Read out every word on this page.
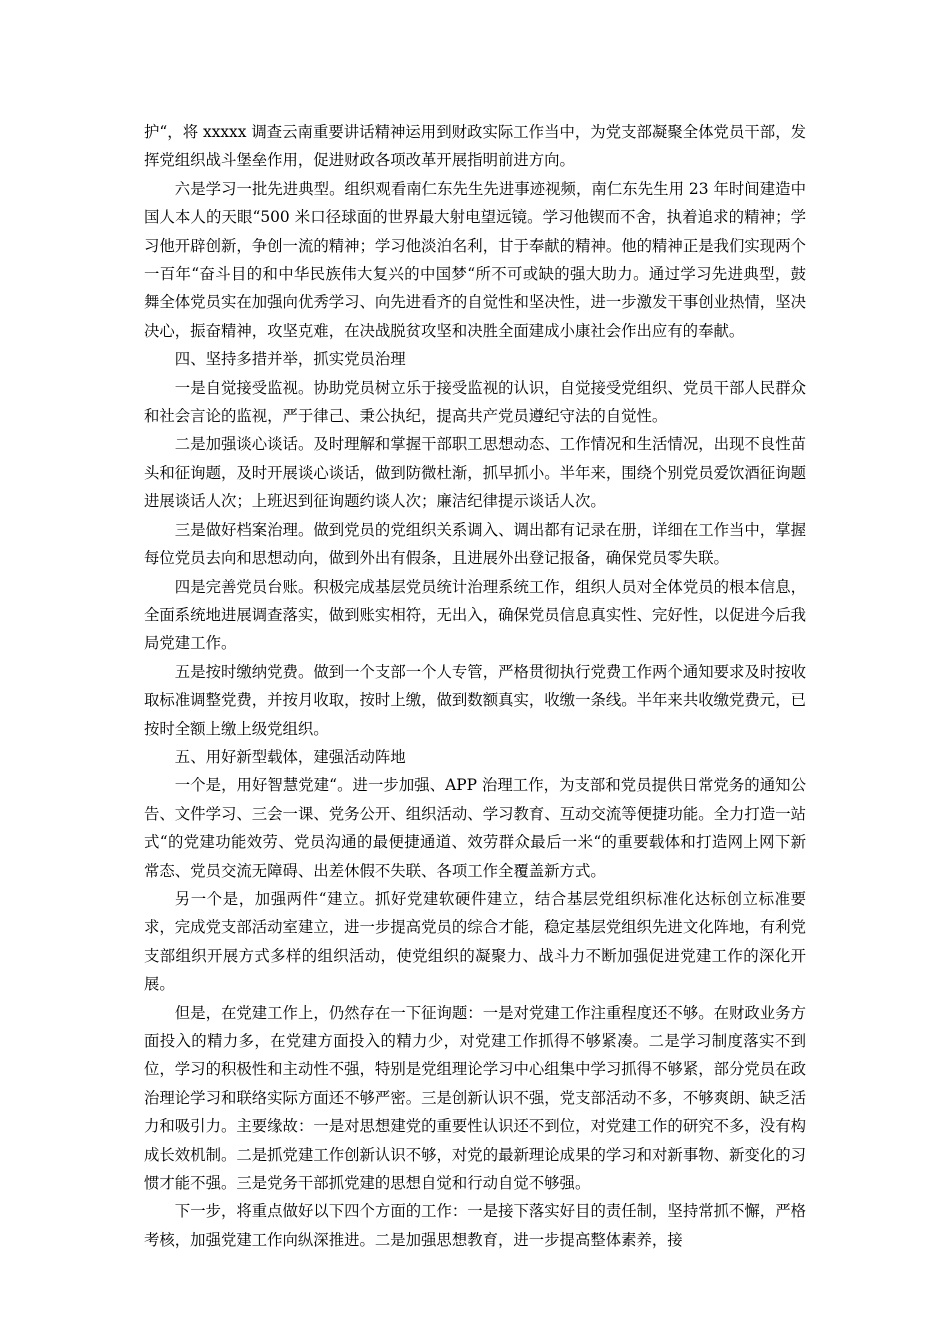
护“，将 xxxxx 调查云南重要讲话精神运用到财政实际工作当中，为党支部凝聚全体党员干部，发挥党组织战斗堡垒作用，促进财政各项改革开展指明前进方向。

六是学习一批先进典型。组织观看南仁东先生先进事迹视频，南仁东先生用 23 年时间建造中国人本人的天眼“500 米口径球面的世界最大射电望远镜。学习他锲而不舍，执着追求的精神；学习他开辟创新，争创一流的精神；学习他淡泊名利，甘于奉献的精神。他的精神正是我们实现两个一百年“奋斗目的和中华民族伟大复兴的中国梦“所不可或缺的强大助力。通过学习先进典型，鼓舞全体党员实在加强向优秀学习、向先进看齐的自觉性和坚决性，进一步激发干事创业热情，坚决决心，振奋精神，攻坚克难，在决战脱贫攻坚和决胜全面建成小康社会作出应有的奉献。

四、坚持多措并举，抓实党员治理

一是自觉接受监视。协助党员树立乐于接受监视的认识，自觉接受党组织、党员干部人民群众和社会言论的监视，严于律己、秉公执纪，提高共产党员遵纪守法的自觉性。

二是加强谈心谈话。及时理解和掌握干部职工思想动态、工作情况和生活情况，出现不良性苗头和征询题，及时开展谈心谈话，做到防微杜渐，抓早抓小。半年来，围绕个别党员爱饮酒征询题进展谈话人次；上班迟到征询题约谈人次；廉洁纪律提示谈话人次。

三是做好档案治理。做到党员的党组织关系调入、调出都有记录在册，详细在工作当中，掌握每位党员去向和思想动向，做到外出有假条，且进展外出登记报备，确保党员零失联。

四是完善党员台账。积极完成基层党员统计治理系统工作，组织人员对全体党员的根本信息，全面系统地进展调查落实，做到账实相符，无出入，确保党员信息真实性、完好性，以促进今后我局党建工作。

五是按时缴纳党费。做到一个支部一个人专管，严格贯彻执行党费工作两个通知要求及时按收取标准调整党费，并按月收取，按时上缴，做到数额真实，收缴一条线。半年来共收缴党费元，已按时全额上缴上级党组织。

五、用好新型载体，建强活动阵地

一个是，用好智慧党建“。进一步加强、APP 治理工作，为支部和党员提供日常党务的通知公告、文件学习、三会一课、党务公开、组织活动、学习教育、互动交流等便捷功能。全力打造一站式“的党建功能效劳、党员沟通的最便捷通道、效劳群众最后一米“的重要载体和打造网上网下新常态、党员交流无障碍、出差休假不失联、各项工作全覆盖新方式。

另一个是，加强两件“建立。抓好党建软硬件建立，结合基层党组织标准化达标创立标准要求，完成党支部活动室建立，进一步提高党员的综合才能，稳定基层党组织先进文化阵地，有利党支部组织开展方式多样的组织活动，使党组织的凝聚力、战斗力不断加强促进党建工作的深化开展。

但是，在党建工作上，仍然存在一下征询题：一是对党建工作注重程度还不够。在财政业务方面投入的精力多，在党建方面投入的精力少，对党建工作抓得不够紧凑。二是学习制度落实不到位，学习的积极性和主动性不强，特别是党组理论学习中心组集中学习抓得不够紧，部分党员在政治理论学习和联络实际方面还不够严密。三是创新认识不强，党支部活动不多，不够爽朗、缺乏活力和吸引力。主要缘故：一是对思想建党的重要性认识还不到位，对党建工作的研究不多，没有构成长效机制。二是抓党建工作创新认识不够，对党的最新理论成果的学习和对新事物、新变化的习惯才能不强。三是党务干部抓党建的思想自觉和行动自觉不够强。

下一步，将重点做好以下四个方面的工作：一是接下落实好目的责任制，坚持常抓不懈，严格考核，加强党建工作向纵深推进。二是加强思想教育，进一步提高整体素养，接
